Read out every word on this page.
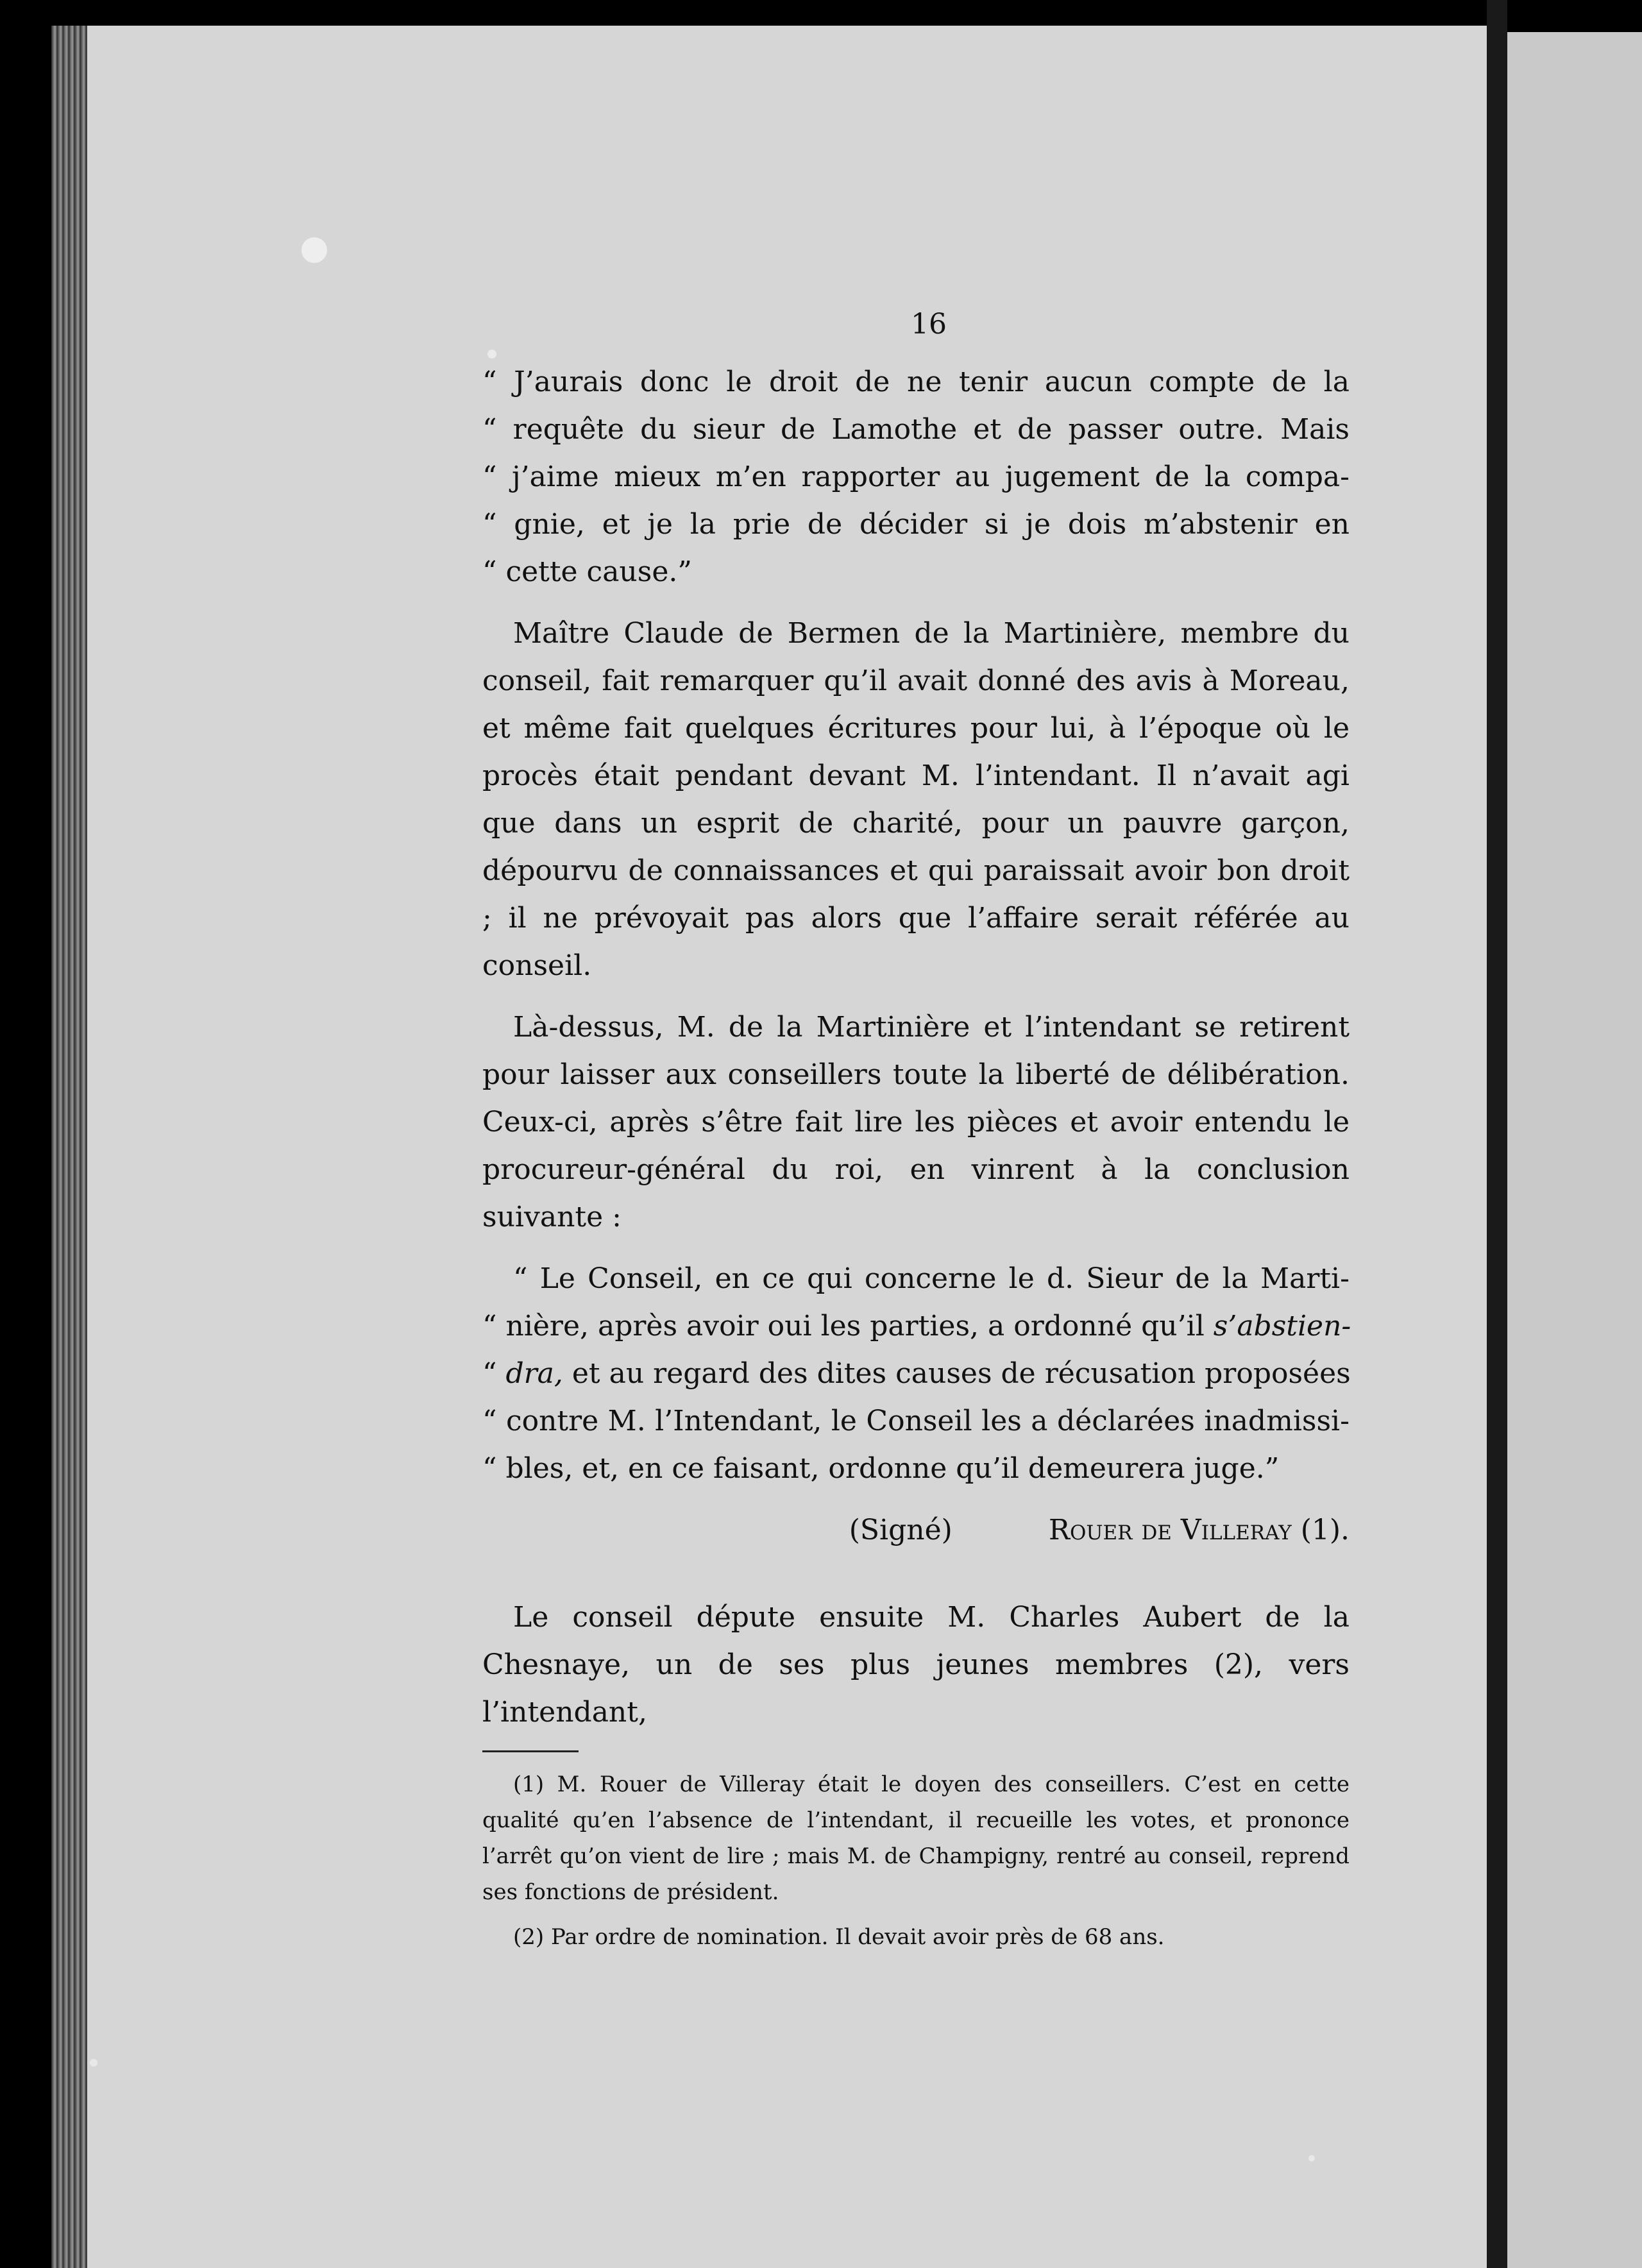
16
“ J’aurais donc le droit de ne tenir aucun compte de la
“ requête du sieur de Lamothe et de passer outre. Mais
“ j’aime mieux m’en rapporter au jugement de la compa-
“ gnie, et je la prie de décider si je dois m’abstenir en
“ cette cause.”

Maître Claude de Bermen de la Martinière, membre du conseil, fait remarquer qu’il avait donné des avis à Moreau, et même fait quelques écritures pour lui, à l’époque où le procès était pendant devant M. l’intendant. Il n’avait agi que dans un esprit de charité, pour un pauvre garçon, dépourvu de connaissances et qui paraissait avoir bon droit ; il ne prévoyait pas alors que l’affaire serait référée au conseil.

Là-dessus, M. de la Martinière et l’intendant se retirent pour laisser aux conseillers toute la liberté de délibération. Ceux-ci, après s’être fait lire les pièces et avoir entendu le procureur-général du roi, en vinrent à la conclusion suivante :

“ Le Conseil, en ce qui concerne le d. Sieur de la Marti-
“ nière, après avoir oui les parties, a ordonné qu’il s’abstien-
“ dra, et au regard des dites causes de récusation proposées
“ contre M. l’Intendant, le Conseil les a déclarées inadmissi-
“ bles, et, en ce faisant, ordonne qu’il demeurera juge.”
(Signé)	Rouer de Villeray (1).

Le conseil députe ensuite M. Charles Aubert de la Chesnaye, un de ses plus jeunes membres (2), vers l’intendant,

(1) M. Rouer de Villeray était le doyen des conseillers. C’est en cette qualité qu’en l’absence de l’intendant, il recueille les votes, et prononce l’arrêt qu’on vient de lire ; mais M. de Champigny, rentré au conseil, reprend ses fonctions de président.

(2) Par ordre de nomination. Il devait avoir près de 68 ans.
